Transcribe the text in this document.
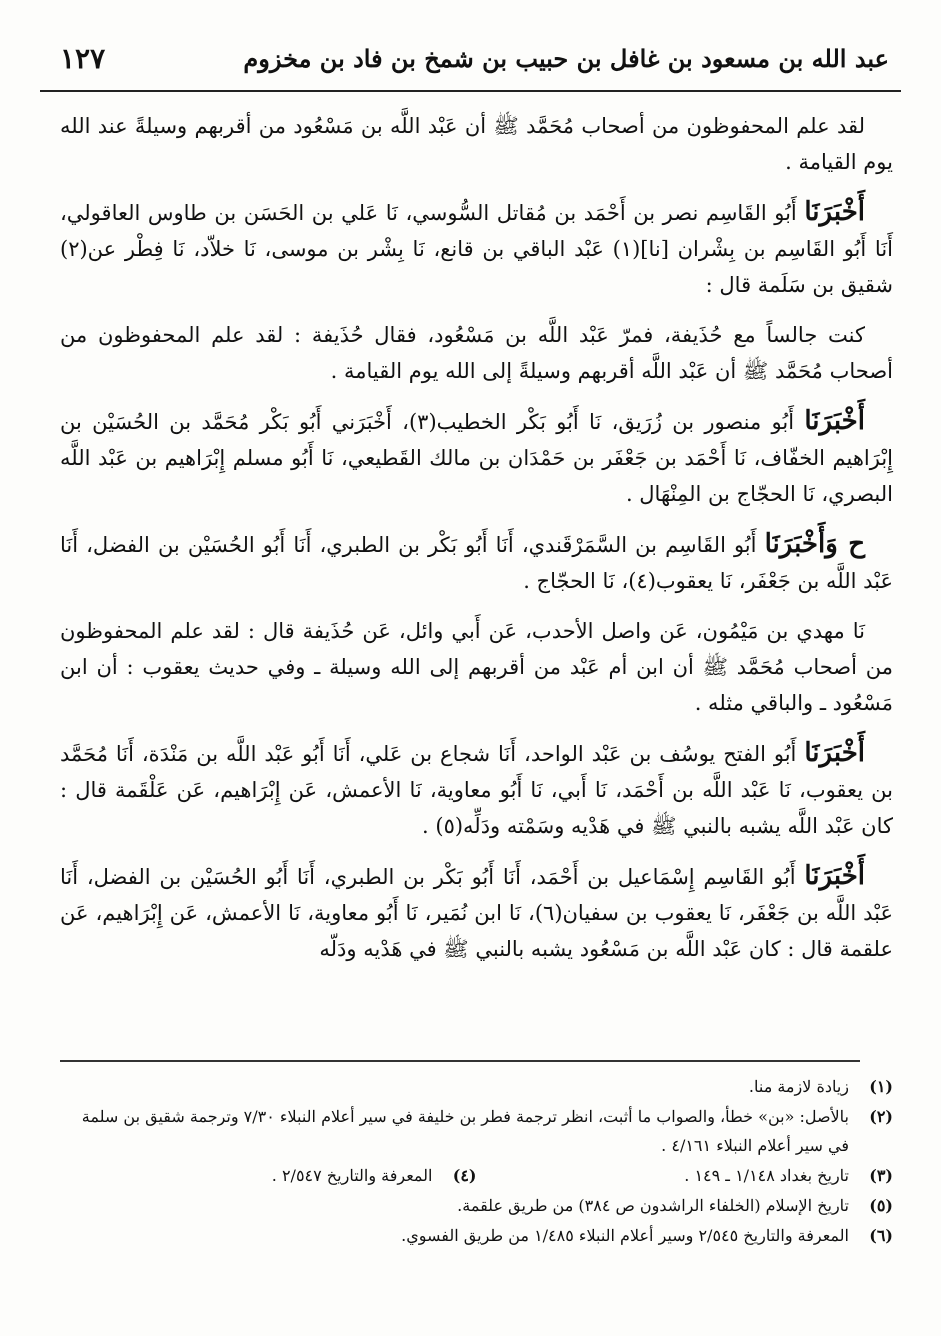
١٢٧	عبد الله بن مسعود بن غافل بن حبيب بن شمخ بن فاد بن مخزوم

لقد علم المحفوظون من أصحاب مُحَمَّد ﷺ أن عَبْد اللَّه بن مَسْعُود من أقربهم وسيلةً عند الله يوم القيامة .

أَخْبَرَنَا أَبُو القَاسِم نصر بن أَحْمَد بن مُقاتل السُّوسي، نَا عَلي بن الحَسَن بن طاوس العاقولي، أَنَا أَبُو القَاسِم بن بِشْران [نا](١) عَبْد الباقي بن قانع، نَا بِشْر بن موسى، نَا خلاّد، نَا فِطْر عن(٢) شقيق بن سَلَمة قال :

كنت جالساً مع حُذَيفة، فمرّ عَبْد اللَّه بن مَسْعُود، فقال حُذَيفة : لقد علم المحفوظون من أصحاب مُحَمَّد ﷺ أن عَبْد اللَّه أقربهم وسيلةً إلى الله يوم القيامة .

أَخْبَرَنَا أَبُو منصور بن زُرَيق، نَا أَبُو بَكْر الخطيب(٣)، أَخْبَرَني أَبُو بَكْر مُحَمَّد بن الحُسَيْن بن إِبْرَاهيم الخفّاف، نَا أَحْمَد بن جَعْفَر بن حَمْدَان بن مالك القَطيعي، نَا أَبُو مسلم إِبْرَاهيم بن عَبْد اللَّه البصري، نَا الحجّاج بن المِنْهَال .

ح وَأَخْبَرَنَا أَبُو القَاسِم بن السَّمَرْقَندي، أَنَا أَبُو بَكْر بن الطبري، أَنَا أَبُو الحُسَيْن بن الفضل، أَنَا عَبْد اللَّه بن جَعْفَر، نَا يعقوب(٤)، نَا الحجّاج .

نَا مهدي بن مَيْمُون، عَن واصل الأحدب، عَن أَبي وائل، عَن حُذَيفة قال : لقد علم المحفوظون من أصحاب مُحَمَّد ﷺ أن ابن أم عَبْد من أقربهم إلى الله وسيلة ـ وفي حديث يعقوب : أن ابن مَسْعُود ـ والباقي مثله .

أَخْبَرَنَا أَبُو الفتح يوسُف بن عَبْد الواحد، أَنَا شجاع بن عَلي، أَنَا أَبُو عَبْد اللَّه بن مَنْدَة، أَنَا مُحَمَّد بن يعقوب، نَا عَبْد اللَّه بن أَحْمَد، نَا أَبي، نَا أَبُو معاوية، نَا الأعمش، عَن إِبْرَاهيم، عَن عَلْقَمة قال : كان عَبْد اللَّه يشبه بالنبي ﷺ في هَدْيه وسَمْته ودَلِّه(٥) .

أَخْبَرَنَا أَبُو القَاسِم إِسْمَاعيل بن أَحْمَد، أَنَا أَبُو بَكْر بن الطبري، أَنَا أَبُو الحُسَيْن بن الفضل، أَنَا عَبْد اللَّه بن جَعْفَر، نَا يعقوب بن سفيان(٦)، نَا ابن نُمَير، نَا أَبُو معاوية، نَا الأعمش، عَن إِبْرَاهيم، عَن علقمة قال : كان عَبْد اللَّه بن مَسْعُود يشبه بالنبي ﷺ في هَدْيه ودَلّه

(١)
زيادة لازمة منا.
(٢)
بالأصل: «بن» خطأ، والصواب ما أثبت، انظر ترجمة فطر بن خليفة في سير أعلام النبلاء ٧/٣٠ وترجمة شقيق بن سلمة في سير أعلام النبلاء ٤/١٦١ .
(٣)
تاريخ بغداد ١/١٤٨ ـ ١٤٩ .
(٤)
المعرفة والتاريخ ٢/٥٤٧ .
(٥)
تاريخ الإسلام (الخلفاء الراشدون ص ٣٨٤) من طريق علقمة.
(٦)
المعرفة والتاريخ ٢/٥٤٥ وسير أعلام النبلاء ١/٤٨٥ من طريق الفسوي.
